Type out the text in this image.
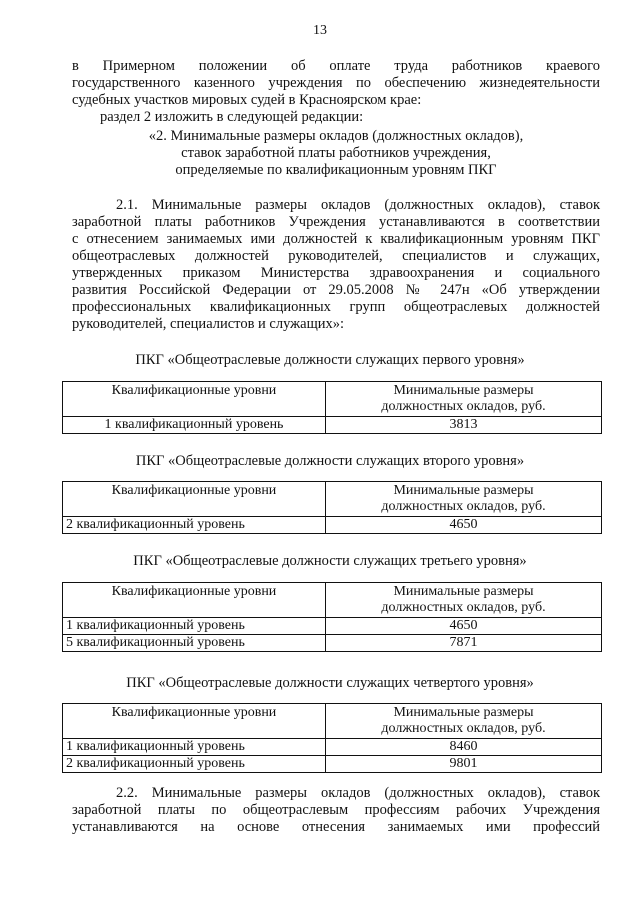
13
в Примерном положении об оплате труда работников краевого
государственного казенного учреждения по обеспечению жизнедеятельности
судебных участков мировых судей в Красноярском крае:
раздел 2 изложить в следующей редакции:
«2. Минимальные размеры окладов (должностных окладов),
ставок заработной платы работников учреждения,
определяемые по квалификационным уровням ПКГ
2.1. Минимальные размеры окладов (должностных окладов), ставок
заработной платы работников Учреждения устанавливаются в соответствии
с отнесением занимаемых ими должностей к квалификационным уровням ПКГ
общеотраслевых должностей руководителей, специалистов и служащих,
утвержденных приказом Министерства здравоохранения и социального
развития Российской Федерации от 29.05.2008 № 247н «Об утверждении
профессиональных квалификационных групп общеотраслевых должностей
руководителей, специалистов и служащих»:
ПКГ «Общеотраслевые должности служащих первого уровня»
Квалификационные уровни	Минимальные размеры
должностных окладов, руб.

1 квалификационный уровень	3813
ПКГ «Общеотраслевые должности служащих второго уровня»
Квалификационные уровни	Минимальные размеры
должностных окладов, руб.

2 квалификационный уровень	4650
ПКГ «Общеотраслевые должности служащих третьего уровня»
Квалификационные уровни	Минимальные размеры
должностных окладов, руб.

1 квалификационный уровень	4650
5 квалификационный уровень	7871
ПКГ «Общеотраслевые должности служащих четвертого уровня»
Квалификационные уровни	Минимальные размеры
должностных окладов, руб.

1 квалификационный уровень	8460
2 квалификационный уровень	9801
2.2. Минимальные размеры окладов (должностных окладов), ставок
заработной платы по общеотраслевым профессиям рабочих Учреждения
устанавливаются на основе отнесения занимаемых ими профессий
